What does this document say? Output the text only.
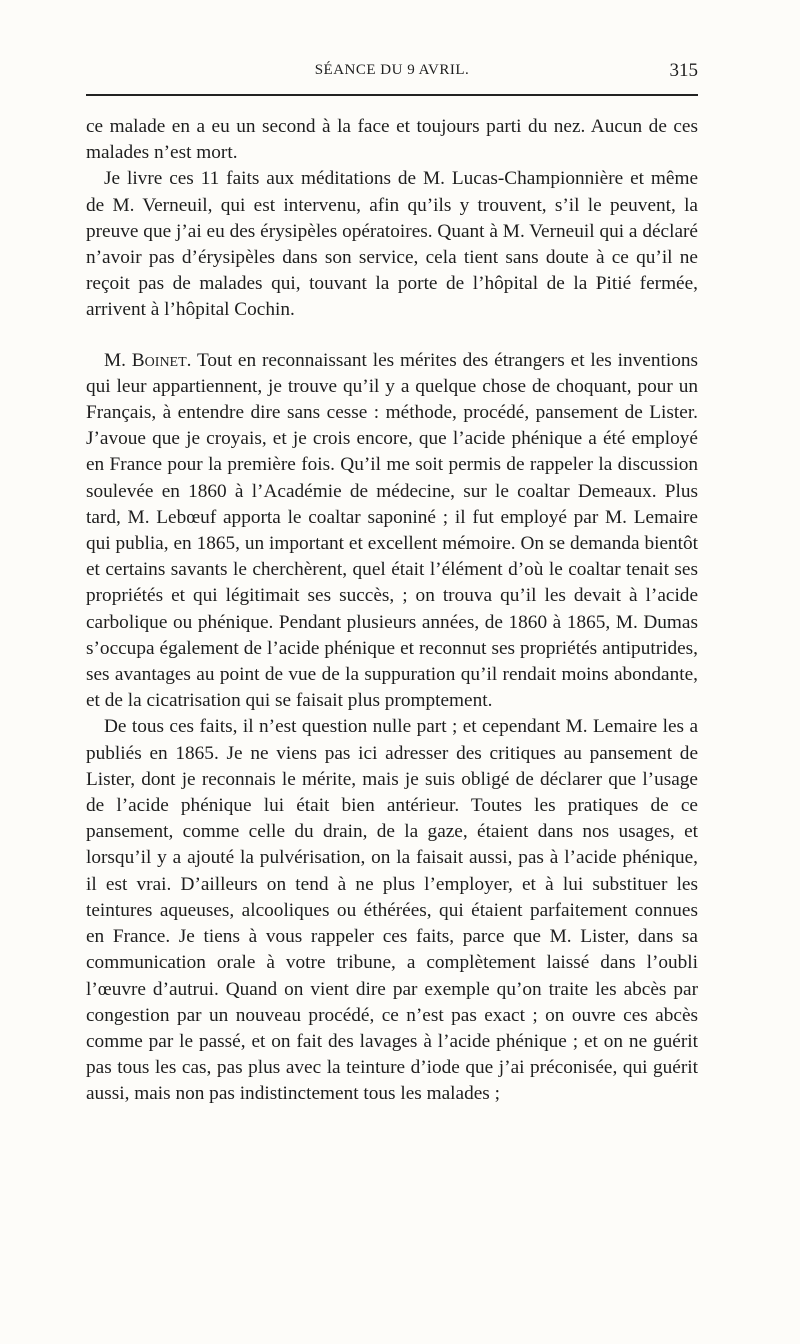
SÉANCE DU 9 AVRIL.	315

ce malade en a eu un second à la face et toujours parti du nez. Aucun de ces malades n’est mort.

Je livre ces 11 faits aux méditations de M. Lucas-Championnière et même de M. Verneuil, qui est intervenu, afin qu’ils y trouvent, s’il le peuvent, la preuve que j’ai eu des érysipèles opératoires. Quant à M. Verneuil qui a déclaré n’avoir pas d’érysipèles dans son service, cela tient sans doute à ce qu’il ne reçoit pas de malades qui, touvant la porte de l’hôpital de la Pitié fermée, arrivent à l’hôpital Cochin.

M. Boinet. Tout en reconnaissant les mérites des étrangers et les inventions qui leur appartiennent, je trouve qu’il y a quelque chose de choquant, pour un Français, à entendre dire sans cesse : méthode, procédé, pansement de Lister. J’avoue que je croyais, et je crois encore, que l’acide phénique a été employé en France pour la première fois. Qu’il me soit permis de rappeler la discussion soulevée en 1860 à l’Académie de médecine, sur le coaltar Demeaux. Plus tard, M. Lebœuf apporta le coaltar saponiné ; il fut employé par M. Lemaire qui publia, en 1865, un important et excellent mémoire. On se demanda bientôt et certains savants le cherchèrent, quel était l’élément d’où le coaltar tenait ses propriétés et qui légitimait ses succès, ; on trouva qu’il les devait à l’acide carbolique ou phénique. Pendant plusieurs années, de 1860 à 1865, M. Dumas s’occupa également de l’acide phénique et reconnut ses propriétés antiputrides, ses avantages au point de vue de la suppuration qu’il rendait moins abondante, et de la cicatrisation qui se faisait plus promptement.

De tous ces faits, il n’est question nulle part ; et cependant M. Lemaire les a publiés en 1865. Je ne viens pas ici adresser des critiques au pansement de Lister, dont je reconnais le mérite, mais je suis obligé de déclarer que l’usage de l’acide phénique lui était bien antérieur. Toutes les pratiques de ce pansement, comme celle du drain, de la gaze, étaient dans nos usages, et lorsqu’il y a ajouté la pulvérisation, on la faisait aussi, pas à l’acide phénique, il est vrai. D’ailleurs on tend à ne plus l’employer, et à lui substituer les teintures aqueuses, alcooliques ou éthérées, qui étaient parfaitement connues en France. Je tiens à vous rappeler ces faits, parce que M. Lister, dans sa communication orale à votre tribune, a complètement laissé dans l’oubli l’œuvre d’autrui. Quand on vient dire par exemple qu’on traite les abcès par congestion par un nouveau procédé, ce n’est pas exact ; on ouvre ces abcès comme par le passé, et on fait des lavages à l’acide phénique ; et on ne guérit pas tous les cas, pas plus avec la teinture d’iode que j’ai préconisée, qui guérit aussi, mais non pas indistinctement tous les malades ;
